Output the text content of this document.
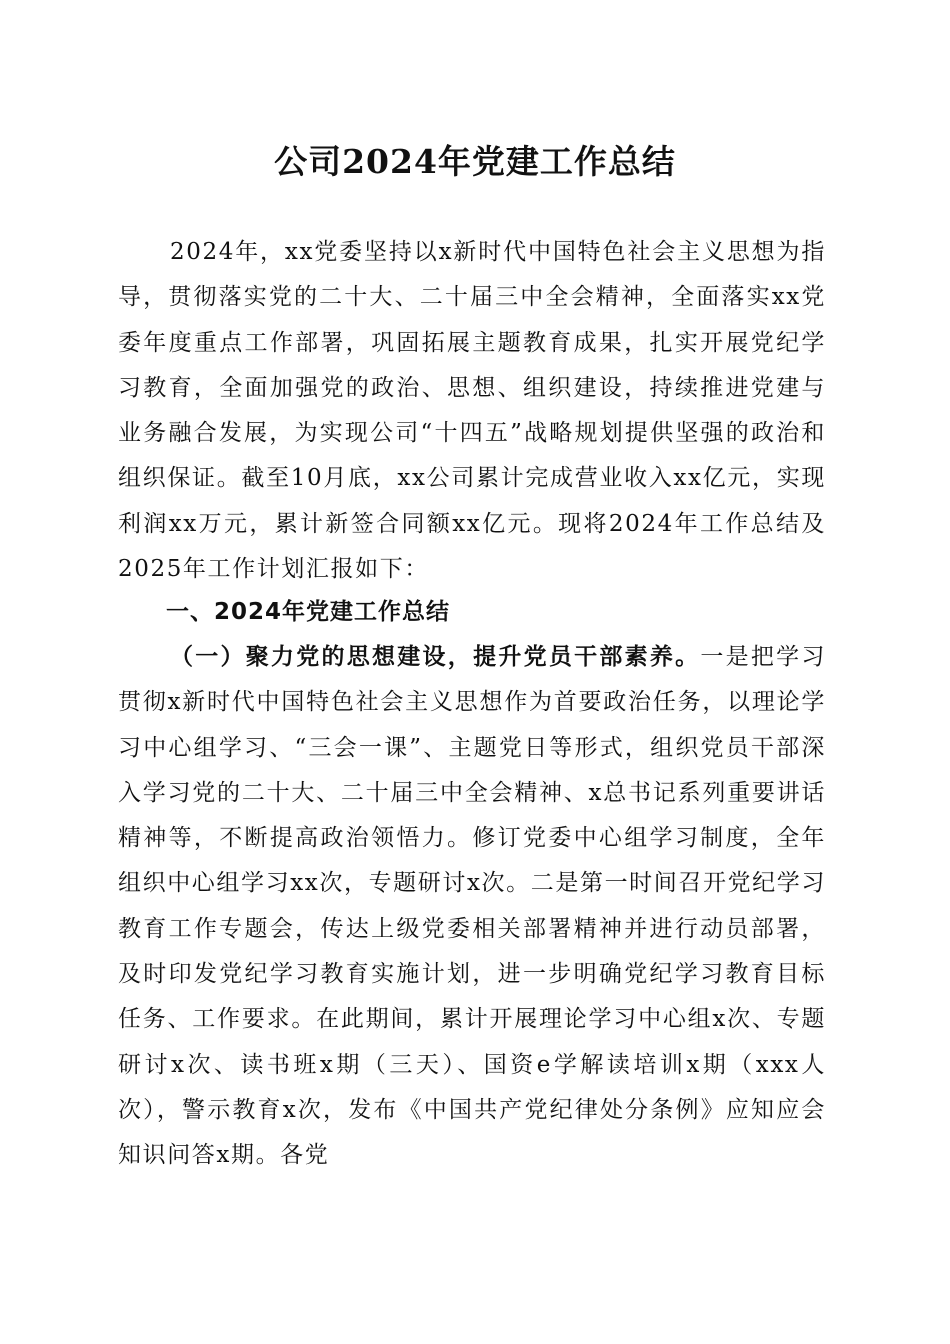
公司2024年党建工作总结

2024年，xx党委坚持以x新时代中国特色社会主义思想为指导，贯彻落实党的二十大、二十届三中全会精神，全面落实xx党委年度重点工作部署，巩固拓展主题教育成果，扎实开展党纪学习教育，全面加强党的政治、思想、组织建设，持续推进党建与业务融合发展，为实现公司“十四五”战略规划提供坚强的政治和组织保证。截至10月底，xx公司累计完成营业收入xx亿元，实现利润xx万元，累计新签合同额xx亿元。现将2024年工作总结及2025年工作计划汇报如下：

一、2024年党建工作总结

（一）聚力党的思想建设，提升党员干部素养。一是把学习贯彻x新时代中国特色社会主义思想作为首要政治任务，以理论学习中心组学习、“三会一课”、主题党日等形式，组织党员干部深入学习党的二十大、二十届三中全会精神、x总书记系列重要讲话精神等，不断提高政治领悟力。修订党委中心组学习制度，全年组织中心组学习xx次，专题研讨x次。二是第一时间召开党纪学习教育工作专题会，传达上级党委相关部署精神并进行动员部署，及时印发党纪学习教育实施计划，进一步明确党纪学习教育目标任务、工作要求。在此期间，累计开展理论学习中心组x次、专题研讨x次、读书班x期（三天）、国资e学解读培训x期（xxx人次），警示教育x次，发布《中国共产党纪律处分条例》应知应会知识问答x期。各党
